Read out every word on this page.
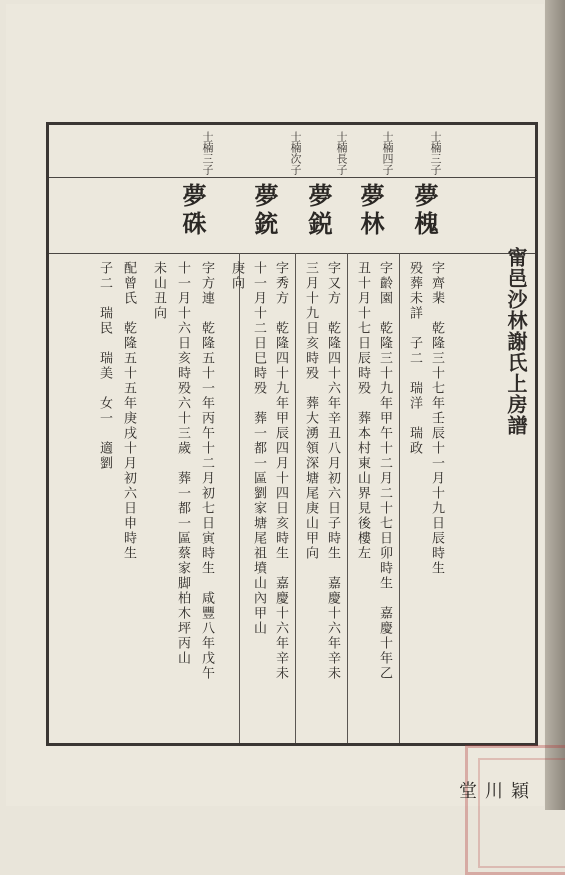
士楠三子
士楠四子
士楠長子
士楠次子
士楠三子
夢槐
夢林
夢鋭
夢銃
夢硃
字齊棐　乾隆三十七年壬辰十一月十九日辰時生
殁葬未詳　子二　瑞洋　瑞政
字齡園　乾隆三十九年甲午十二月二十七日卯時生　嘉慶十年乙
丑十月十七日辰時殁　葬本村東山界見後樓左
字又方　乾隆四十六年辛丑八月初六日子時生　嘉慶十六年辛未
三月十九日亥時殁　葬大湧領深塘尾庚山甲向
字秀方　乾隆四十九年甲辰四月十四日亥時生　嘉慶十六年辛未
十一月十二日巳時殁　葬一都一區劉家塘尾祖墳山內甲山
庚向
字方連　乾隆五十一年丙午十二月初七日寅時生　咸豐八年戊午
十一月十六日亥時殁六十三歲　葬一都一區蔡家脚柏木坪丙山
未山丑向
配曾氏　乾隆五十五年庚戌十月初六日申時生
子二　瑞民　瑞美　女一　適劉	甯邑沙林謝氏上房譜
穎川堂
